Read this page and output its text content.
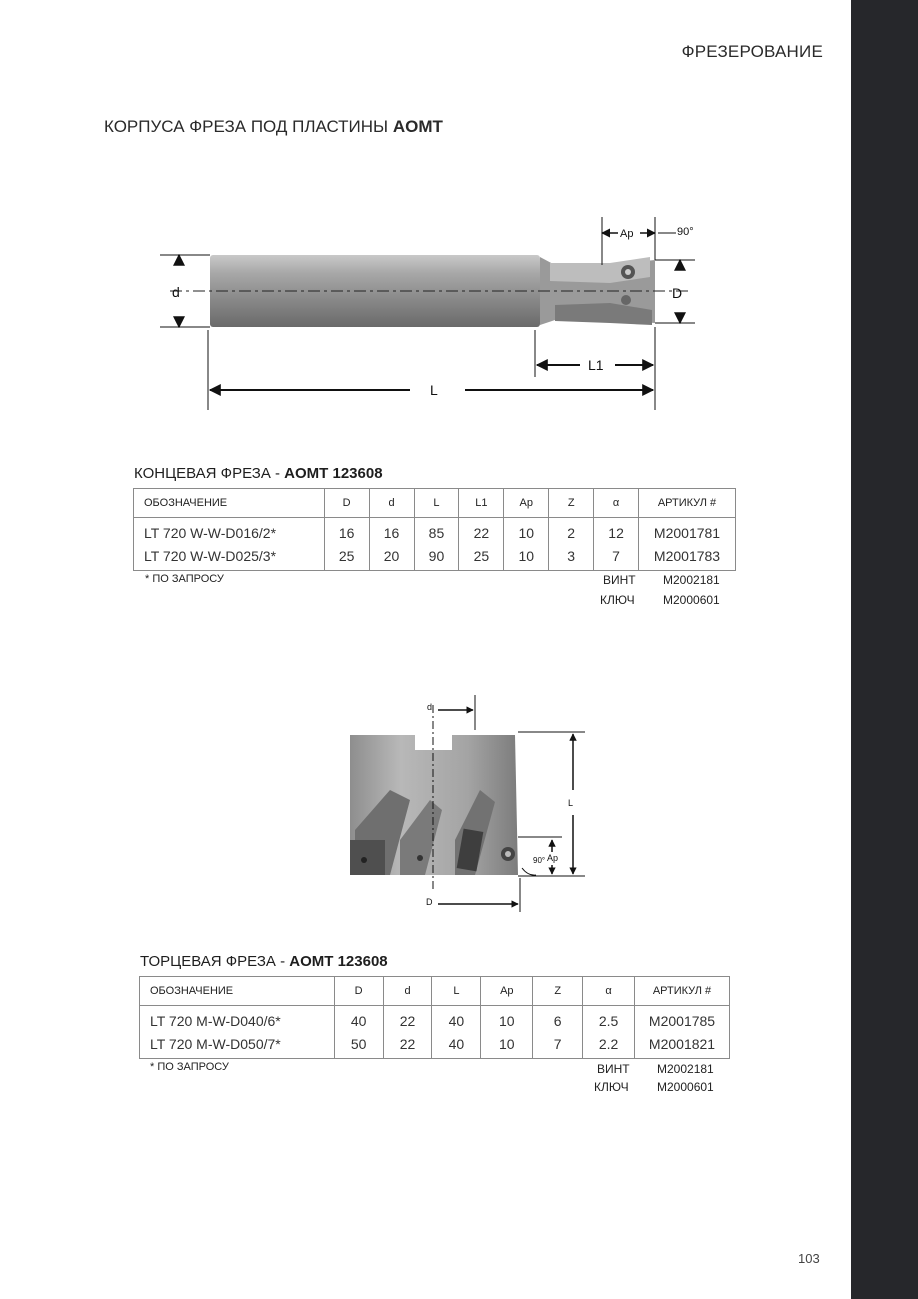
ФРЕЗЕРОВАНИЕ
КОРПУСА ФРЕЗА ПОД ПЛАСТИНЫ AOMT
d	D
Ap	90°
L1
L
КОНЦЕВАЯ ФРЕЗА - AOMT 123608
ОБОЗНАЧЕНИЕ	D	d	L	L1	Ap	Z	α	АРТИКУЛ #
LT 720 W-W-D016/2*	16	16	85	22	10	2	12	M2001781
LT 720 W-W-D025/3*	25	20	90	25	10	3	7	M2001783
* ПО ЗАПРОСУ	ВИНТ M2002181
КЛЮЧ M2000601
d
L
Ap
90°
D
ТОРЦЕВАЯ ФРЕЗА - AOMT 123608
ОБОЗНАЧЕНИЕ	D	d	L	Ap	Z	α	АРТИКУЛ #
LT 720 M-W-D040/6*	40	22	40	10	6	2.5	M2001785
LT 720 M-W-D050/7*	50	22	40	10	7	2.2	M2001821
* ПО ЗАПРОСУ	ВИНТ M2002181
КЛЮЧ M2000601
103
